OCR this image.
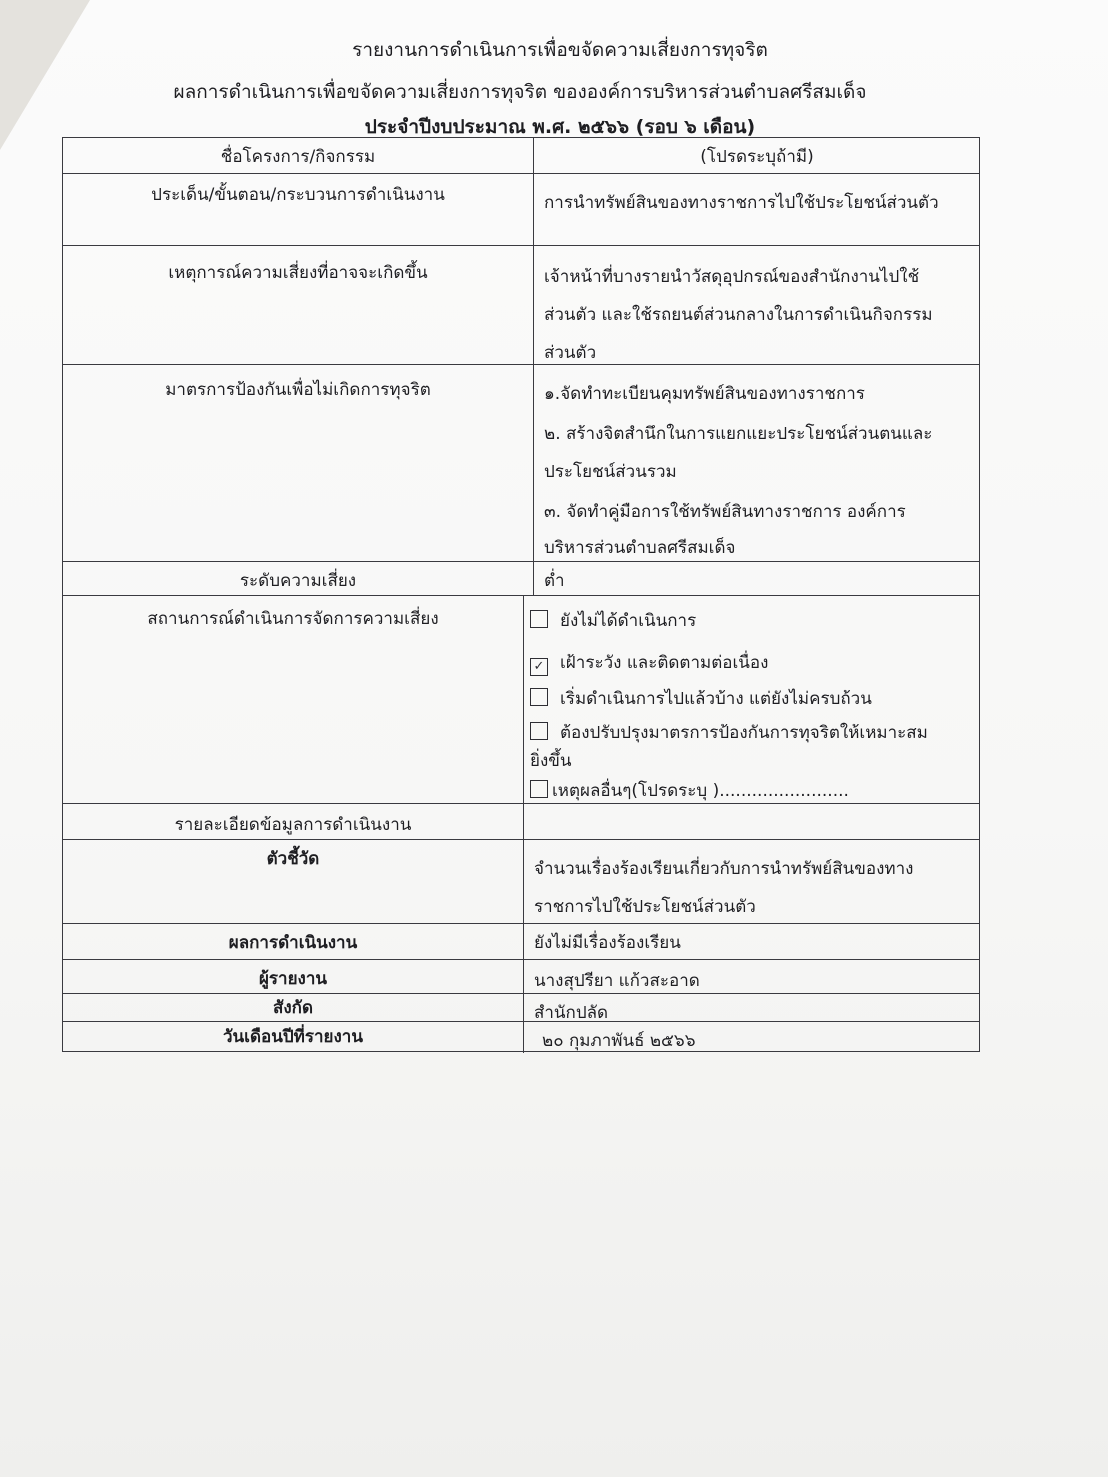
รายงานการดำเนินการเพื่อขจัดความเสี่ยงการทุจริต
ผลการดำเนินการเพื่อขจัดความเสี่ยงการทุจริต ขององค์การบริหารส่วนตำบลศรีสมเด็จ
ประจำปีงบประมาณ พ.ศ. ๒๕๖๖ (รอบ ๖ เดือน)
ชื่อโครงการ/กิจกรรม	(โปรดระบุถ้ามี)
ประเด็น/ขั้นตอน/กระบวนการดำเนินงาน	การนำทรัพย์สินของทางราชการไปใช้ประโยชน์ส่วนตัว
เหตุการณ์ความเสี่ยงที่อาจจะเกิดขึ้น	เจ้าหน้าที่บางรายนำวัสดุอุปกรณ์ของสำนักงานไปใช้
ส่วนตัว และใช้รถยนต์ส่วนกลางในการดำเนินกิจกรรม
ส่วนตัว
มาตรการป้องกันเพื่อไม่เกิดการทุจริต	๑.จัดทำทะเบียนคุมทรัพย์สินของทางราชการ
๒. สร้างจิตสำนึกในการแยกแยะประโยชน์ส่วนตนและ
ประโยชน์ส่วนรวม
๓. จัดทำคู่มือการใช้ทรัพย์สินทางราชการ องค์การ
บริหารส่วนตำบลศรีสมเด็จ
ระดับความเสี่ยง	ต่ำ
สถานการณ์ดำเนินการจัดการความเสี่ยง	ยังไม่ได้ดำเนินการ
✓ เฝ้าระวัง และติดตามต่อเนื่อง
เริ่มดำเนินการไปแล้วบ้าง แต่ยังไม่ครบถ้วน
ต้องปรับปรุงมาตรการป้องกันการทุจริตให้เหมาะสม
ยิ่งขึ้น
เหตุผลอื่นๆ(โปรดระบุ )........................
รายละเอียดข้อมูลการดำเนินงาน
ตัวชี้วัด	จำนวนเรื่องร้องเรียนเกี่ยวกับการนำทรัพย์สินของทาง
ราชการไปใช้ประโยชน์ส่วนตัว
ผลการดำเนินงาน	ยังไม่มีเรื่องร้องเรียน
ผู้รายงาน	นางสุปรียา แก้วสะอาด
สังกัด	สำนักปลัด
วันเดือนปีที่รายงาน	๒๐ กุมภาพันธ์ ๒๕๖๖
